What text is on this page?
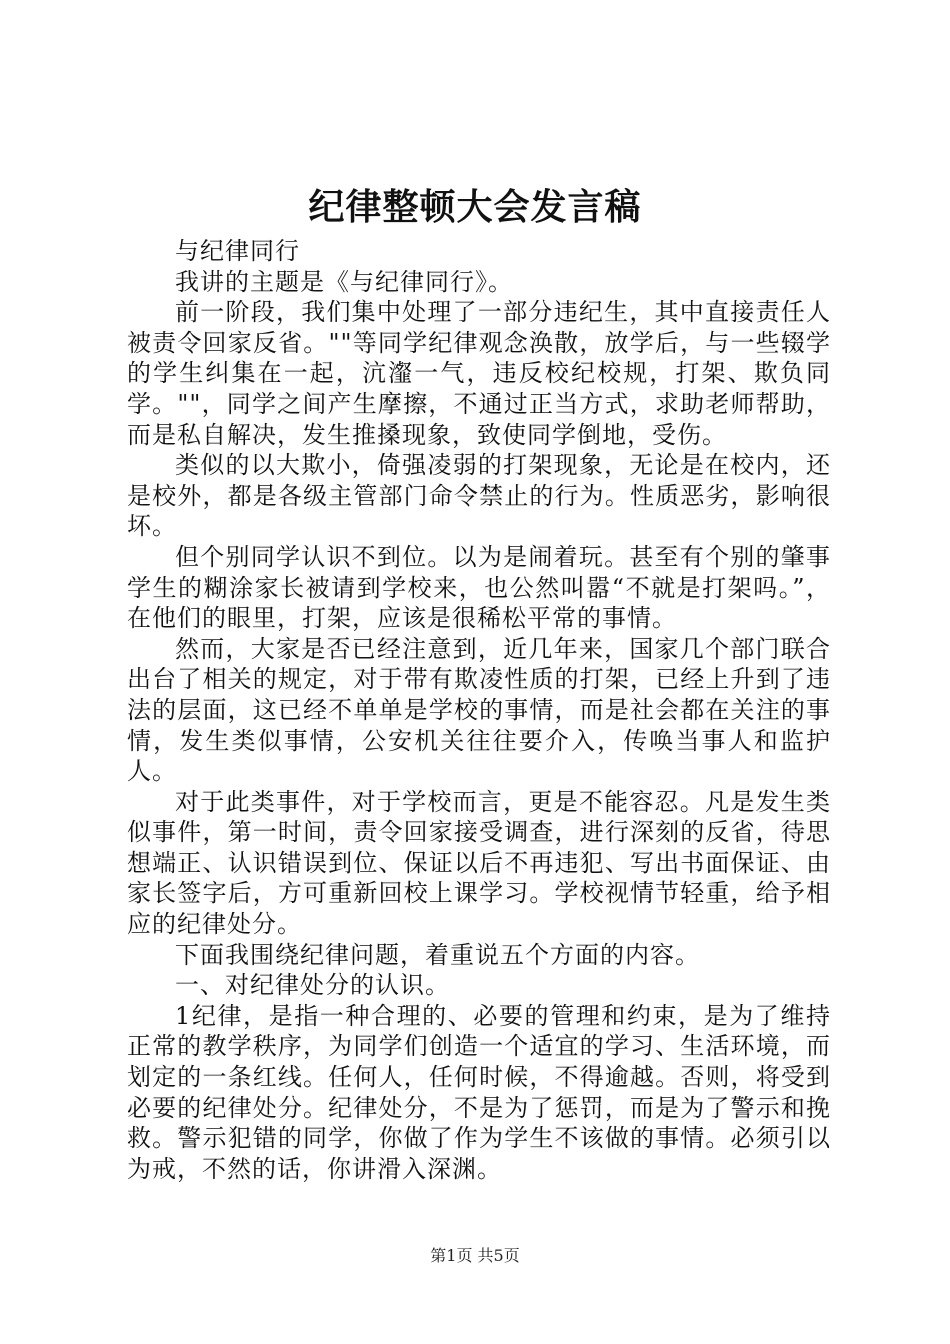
纪律整顿大会发言稿

与纪律同行

我讲的主题是《与纪律同行》。

前一阶段，我们集中处理了一部分违纪生，其中直接责任人被责令回家反省。""等同学纪律观念涣散，放学后，与一些辍学的学生纠集在一起，沆瀣一气，违反校纪校规，打架、欺负同学。""，同学之间产生摩擦，不通过正当方式，求助老师帮助，而是私自解决，发生推搡现象，致使同学倒地，受伤。

类似的以大欺小，倚强凌弱的打架现象，无论是在校内，还是校外，都是各级主管部门命令禁止的行为。性质恶劣，影响很坏。

但个别同学认识不到位。以为是闹着玩。甚至有个别的肇事学生的糊涂家长被请到学校来，也公然叫嚣“不就是打架吗。”，在他们的眼里，打架，应该是很稀松平常的事情。

然而，大家是否已经注意到，近几年来，国家几个部门联合出台了相关的规定，对于带有欺凌性质的打架，已经上升到了违法的层面，这已经不单单是学校的事情，而是社会都在关注的事情，发生类似事情，公安机关往往要介入，传唤当事人和监护人。

对于此类事件，对于学校而言，更是不能容忍。凡是发生类似事件，第一时间，责令回家接受调查，进行深刻的反省，待思想端正、认识错误到位、保证以后不再违犯、写出书面保证、由家长签字后，方可重新回校上课学习。学校视情节轻重，给予相应的纪律处分。

下面我围绕纪律问题，着重说五个方面的内容。

一、对纪律处分的认识。

1纪律，是指一种合理的、必要的管理和约束，是为了维持正常的教学秩序，为同学们创造一个适宜的学习、生活环境，而划定的一条红线。任何人，任何时候，不得逾越。否则，将受到必要的纪律处分。纪律处分，不是为了惩罚，而是为了警示和挽救。警示犯错的同学，你做了作为学生不该做的事情。必须引以为戒，不然的话，你讲滑入深渊。

第1页 共5页
